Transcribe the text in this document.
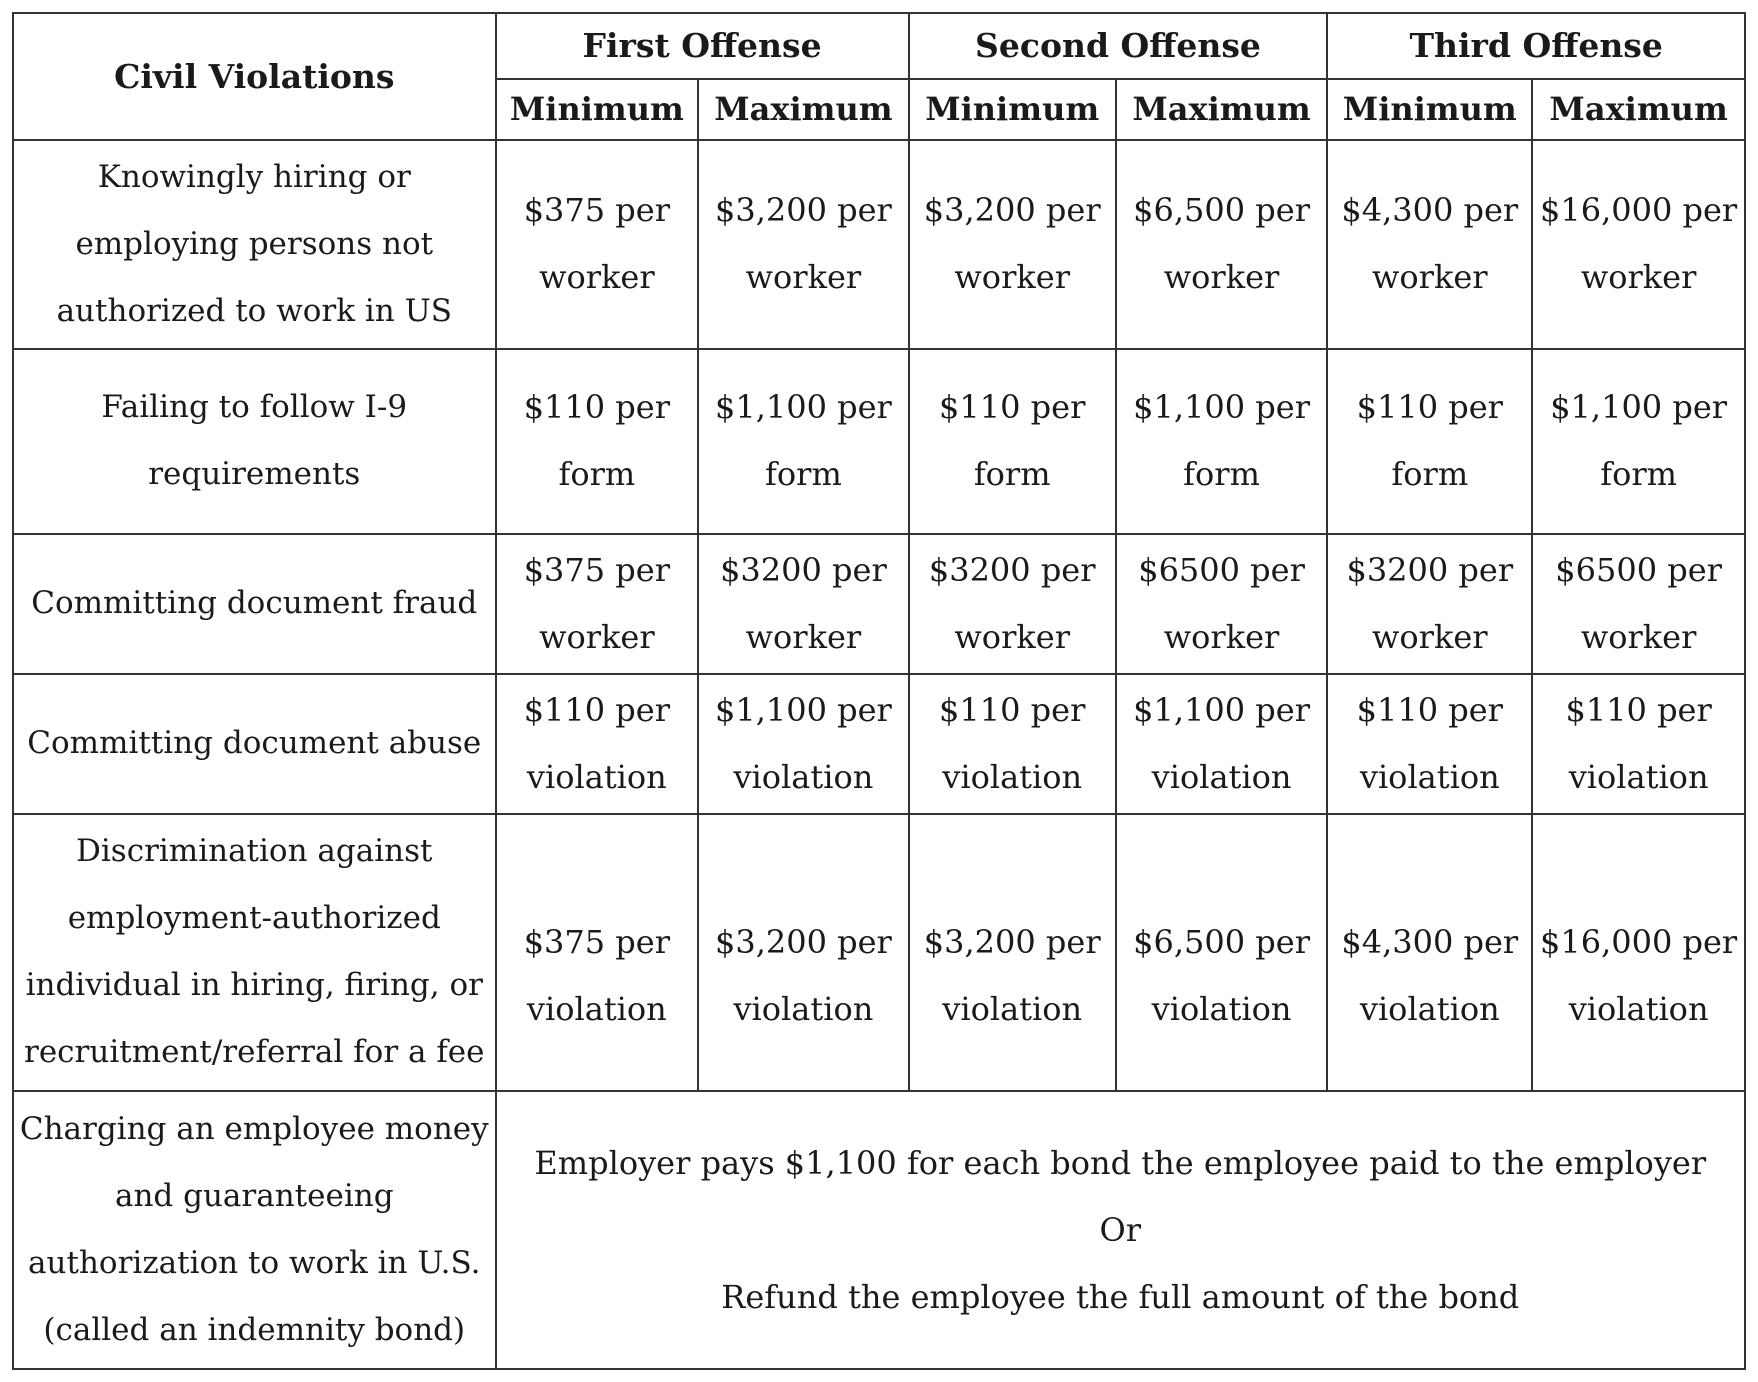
Civil Violations	First Offense		Second Offense		Third Offense	
	Minimum	Maximum	Minimum	Maximum	Minimum	Maximum

Knowingly hiring or
employing persons not
authorized to work in US	$375 per
worker	$3,200 per
worker	$3,200 per
worker	$6,500 per
worker	$4,300 per
worker	$16,000 per
worker

Failing to follow I-9
requirements	$110 per
form	$1,100 per
form	$110 per
form	$1,100 per
form	$110 per
form	$1,100 per
form

Committing document fraud	$375 per
worker	$3200 per
worker	$3200 per
worker	$6500 per
worker	$3200 per
worker	$6500 per
worker

Committing document abuse	$110 per
violation	$1,100 per
violation	$110 per
violation	$1,100 per
violation	$110 per
violation	$110 per
violation

Discrimination against
employment-authorized
individual in hiring, firing, or
recruitment/referral for a fee	$375 per
violation	$3,200 per
violation	$3,200 per
violation	$6,500 per
violation	$4,300 per
violation	$16,000 per
violation

Charging an employee money
and guaranteeing
authorization to work in U.S.
(called an indemnity bond)	Employer pays $1,100 for each bond the employee paid to the employer
Or
Refund the employee the full amount of the bond					
